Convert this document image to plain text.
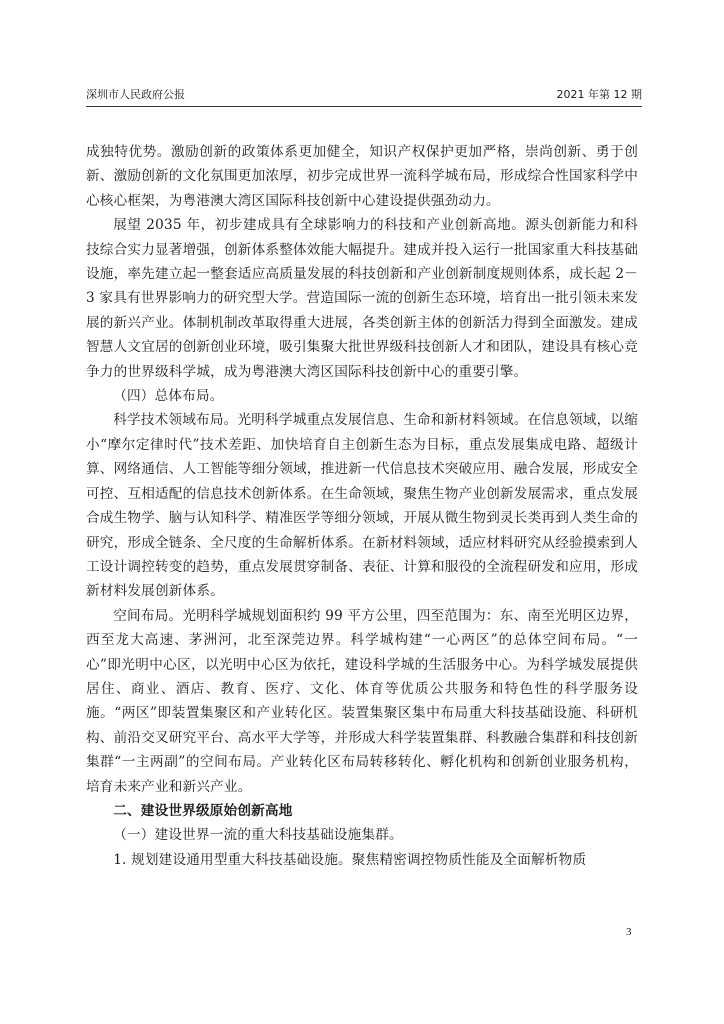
深圳市人民政府公报	2021 年第 12 期

成独特优势。激励创新的政策体系更加健全，知识产权保护更加严格，崇尚创新、勇于创新、激励创新的文化氛围更加浓厚，初步完成世界一流科学城布局，形成综合性国家科学中心核心框架，为粤港澳大湾区国际科技创新中心建设提供强劲动力。

展望 2035 年，初步建成具有全球影响力的科技和产业创新高地。源头创新能力和科技综合实力显著增强，创新体系整体效能大幅提升。建成并投入运行一批国家重大科技基础设施，率先建立起一整套适应高质量发展的科技创新和产业创新制度规则体系，成长起 2－3 家具有世界影响力的研究型大学。营造国际一流的创新生态环境，培育出一批引领未来发展的新兴产业。体制机制改革取得重大进展，各类创新主体的创新活力得到全面激发。建成智慧人文宜居的创新创业环境，吸引集聚大批世界级科技创新人才和团队，建设具有核心竞争力的世界级科学城，成为粤港澳大湾区国际科技创新中心的重要引擎。

（四）总体布局。

科学技术领域布局。光明科学城重点发展信息、生命和新材料领域。在信息领域，以缩小“摩尔定律时代”技术差距、加快培育自主创新生态为目标，重点发展集成电路、超级计算、网络通信、人工智能等细分领域，推进新一代信息技术突破应用、融合发展，形成安全可控、互相适配的信息技术创新体系。在生命领域，聚焦生物产业创新发展需求，重点发展合成生物学、脑与认知科学、精准医学等细分领域，开展从微生物到灵长类再到人类生命的研究，形成全链条、全尺度的生命解析体系。在新材料领域，适应材料研究从经验摸索到人工设计调控转变的趋势，重点发展贯穿制备、表征、计算和服役的全流程研发和应用，形成新材料发展创新体系。

空间布局。光明科学城规划面积约 99 平方公里，四至范围为：东、南至光明区边界，西至龙大高速、茅洲河，北至深莞边界。科学城构建“一心两区”的总体空间布局。“一心”即光明中心区，以光明中心区为依托，建设科学城的生活服务中心。为科学城发展提供居住、商业、酒店、教育、医疗、文化、体育等优质公共服务和特色性的科学服务设施。“两区”即装置集聚区和产业转化区。装置集聚区集中布局重大科技基础设施、科研机构、前沿交叉研究平台、高水平大学等，并形成大科学装置集群、科教融合集群和科技创新集群“一主两副”的空间布局。产业转化区布局转移转化、孵化机构和创新创业服务机构，培育未来产业和新兴产业。

二、建设世界级原始创新高地

（一）建设世界一流的重大科技基础设施集群。

1. 规划建设通用型重大科技基础设施。聚焦精密调控物质性能及全面解析物质

3
